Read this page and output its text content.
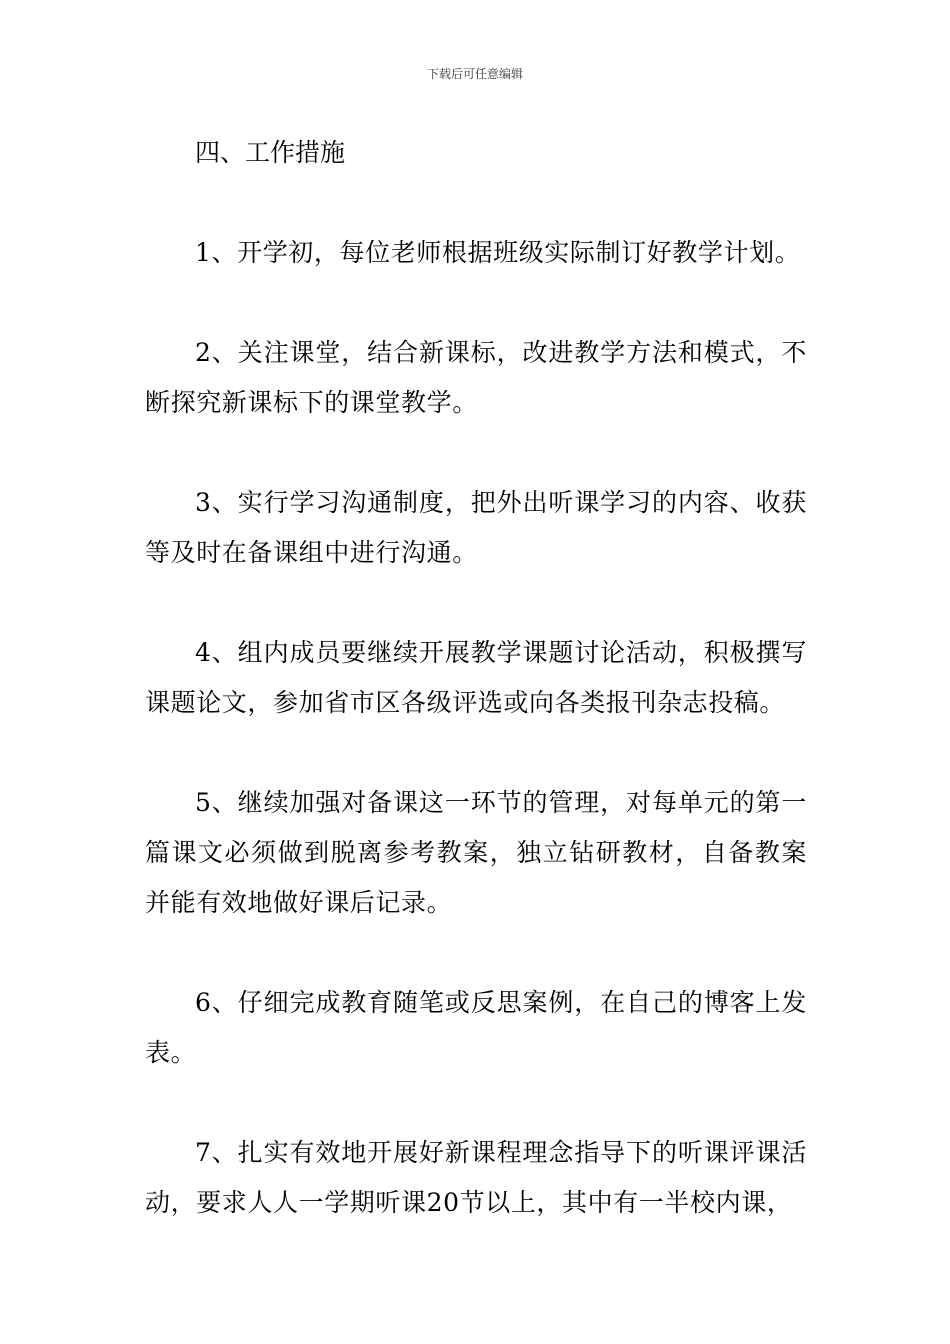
下载后可任意编辑

四、工作措施

1、开学初，每位老师根据班级实际制订好教学计划。

2、关注课堂，结合新课标，改进教学方法和模式，不断探究新课标下的课堂教学。

3、实行学习沟通制度，把外出听课学习的内容、收获等及时在备课组中进行沟通。

4、组内成员要继续开展教学课题讨论活动，积极撰写课题论文，参加省市区各级评选或向各类报刊杂志投稿。

5、继续加强对备课这一环节的管理，对每单元的第一篇课文必须做到脱离参考教案，独立钻研教材，自备教案并能有效地做好课后记录。

6、仔细完成教育随笔或反思案例，在自己的博客上发表。

7、扎实有效地开展好新课程理念指导下的听课评课活动，要求人人一学期听课20节以上，其中有一半校内课，
